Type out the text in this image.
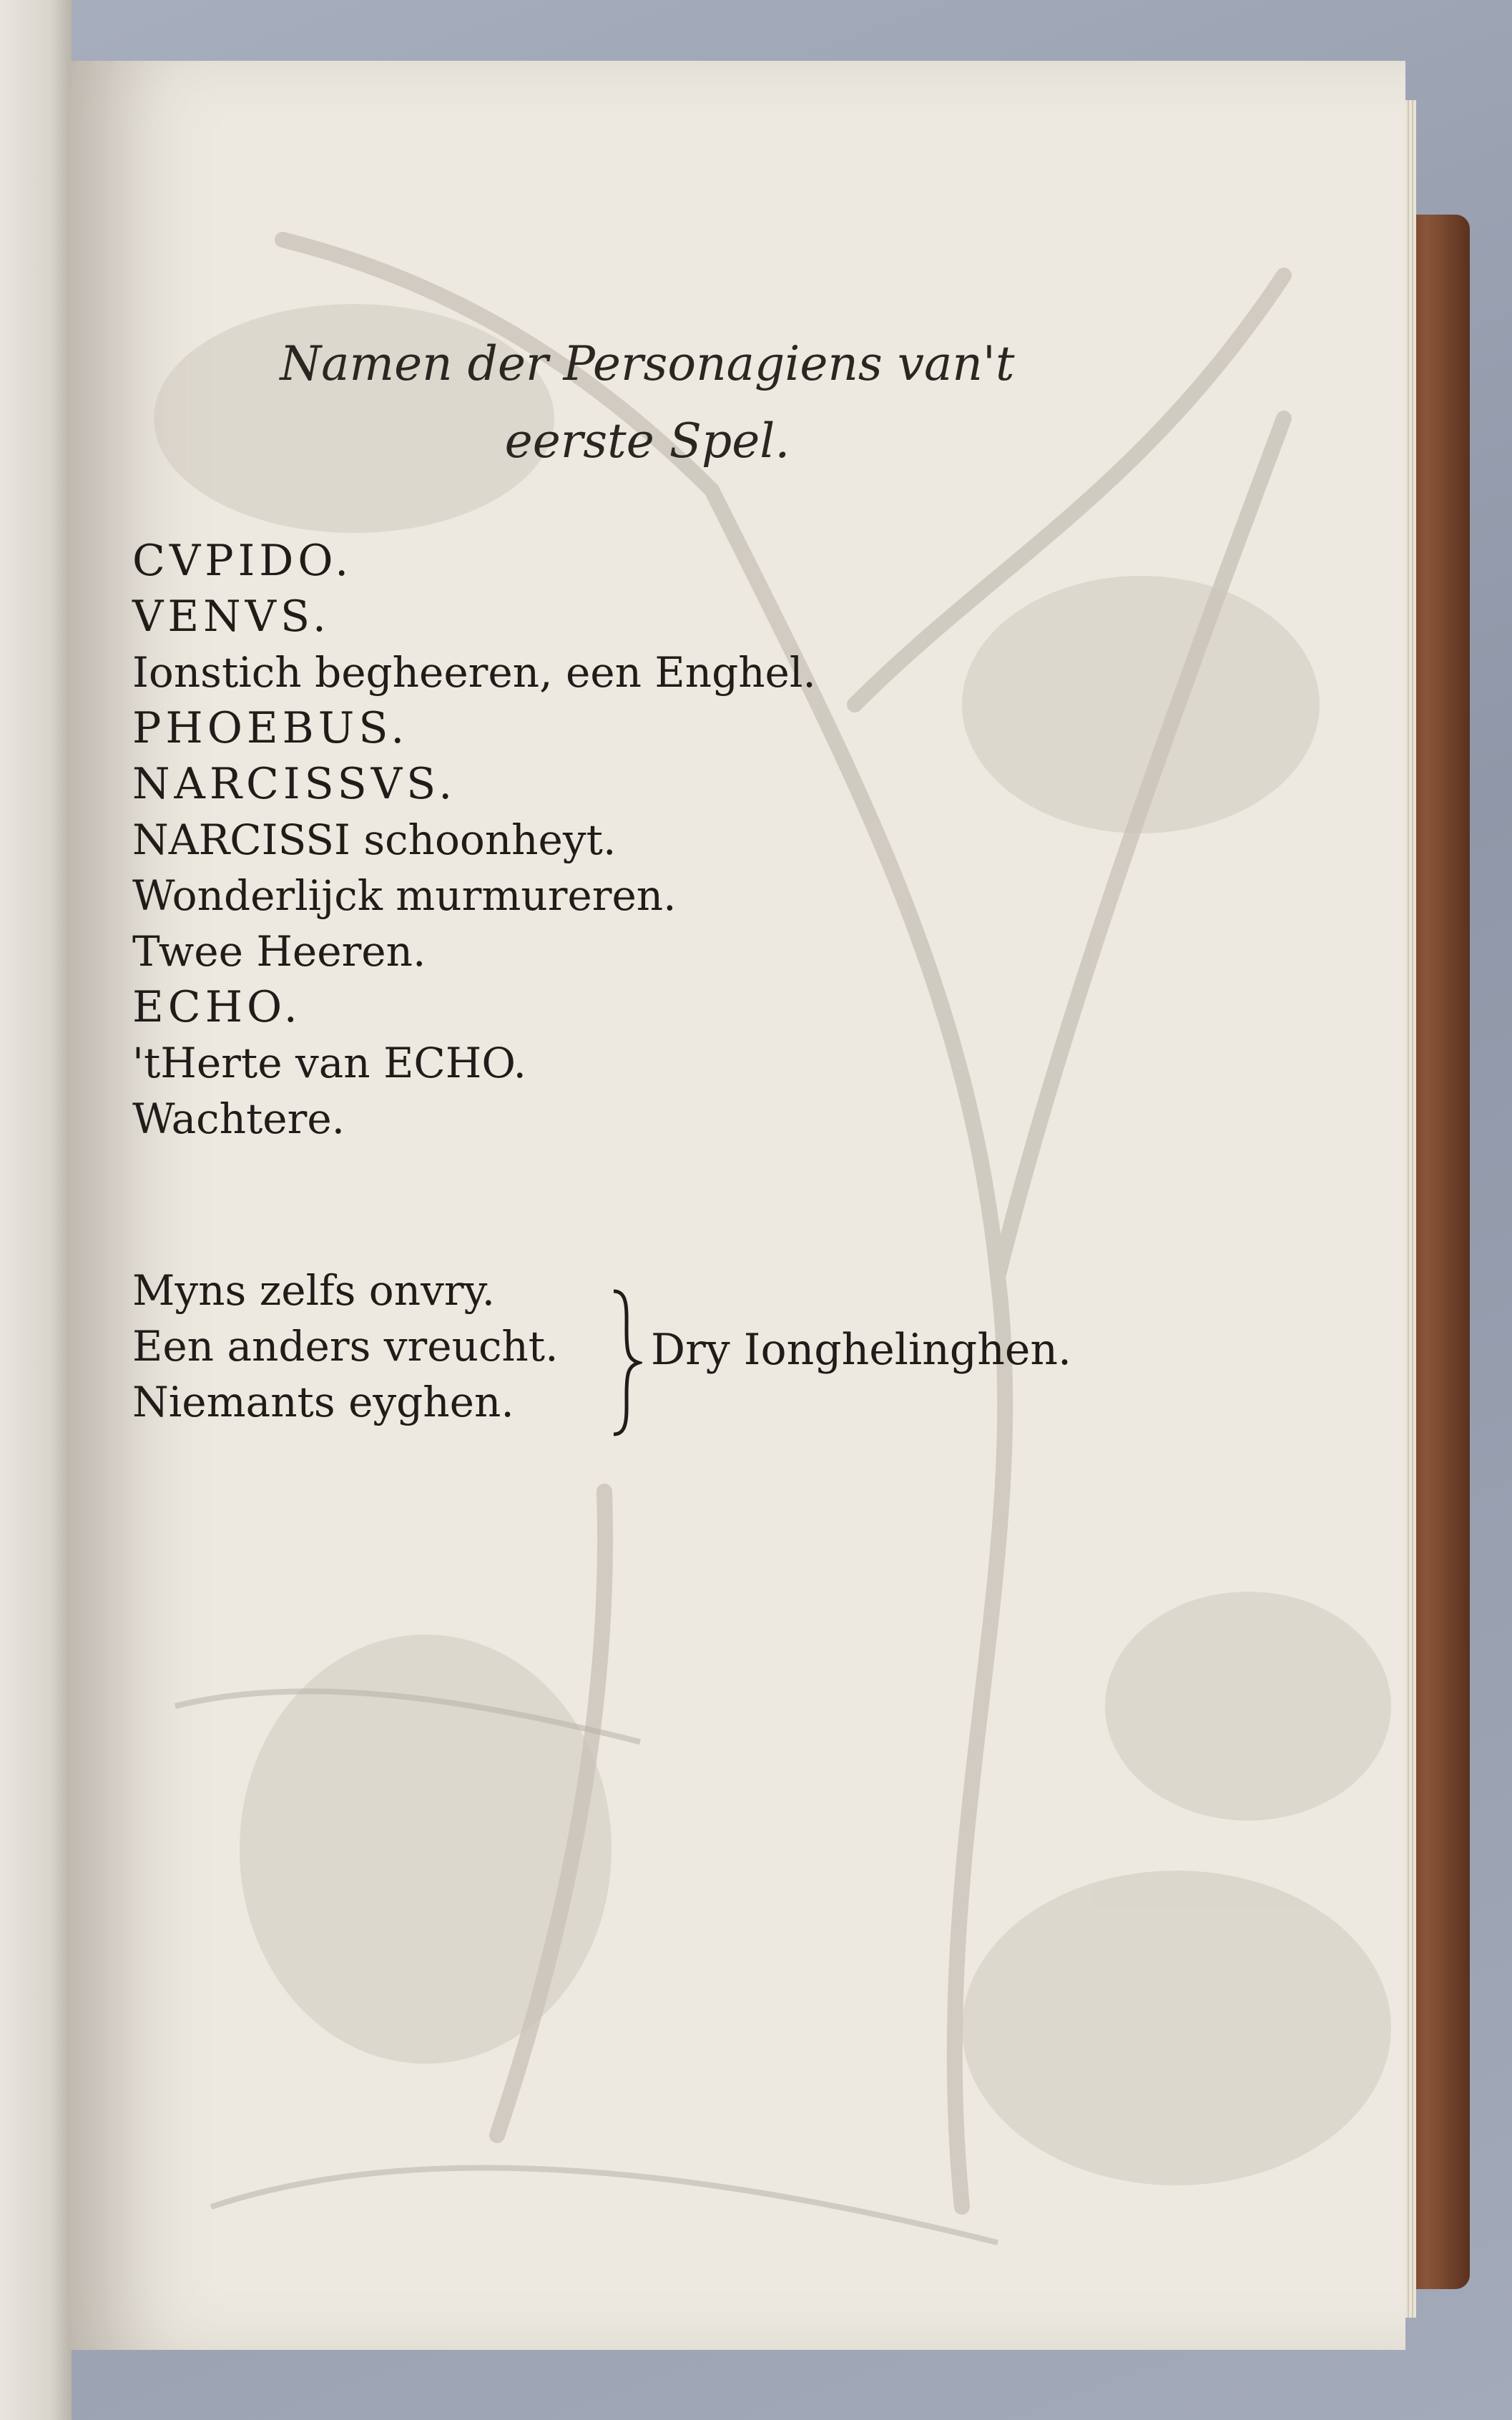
Namen der Personagiens van't
eerste Spel.
CVPIDO.
VENVS.
Ionstich begheeren, een Enghel.
PHOEBUS.
NARCISSVS.
NARCISSI schoonheyt.
Wonderlijck murmureren.
Twee Heeren.
ECHO.
'tHerte van ECHO.
Wachtere.
Myns zelfs onvry.
Een anders vreucht.
Niemants eyghen.
Dry Ionghelinghen.
